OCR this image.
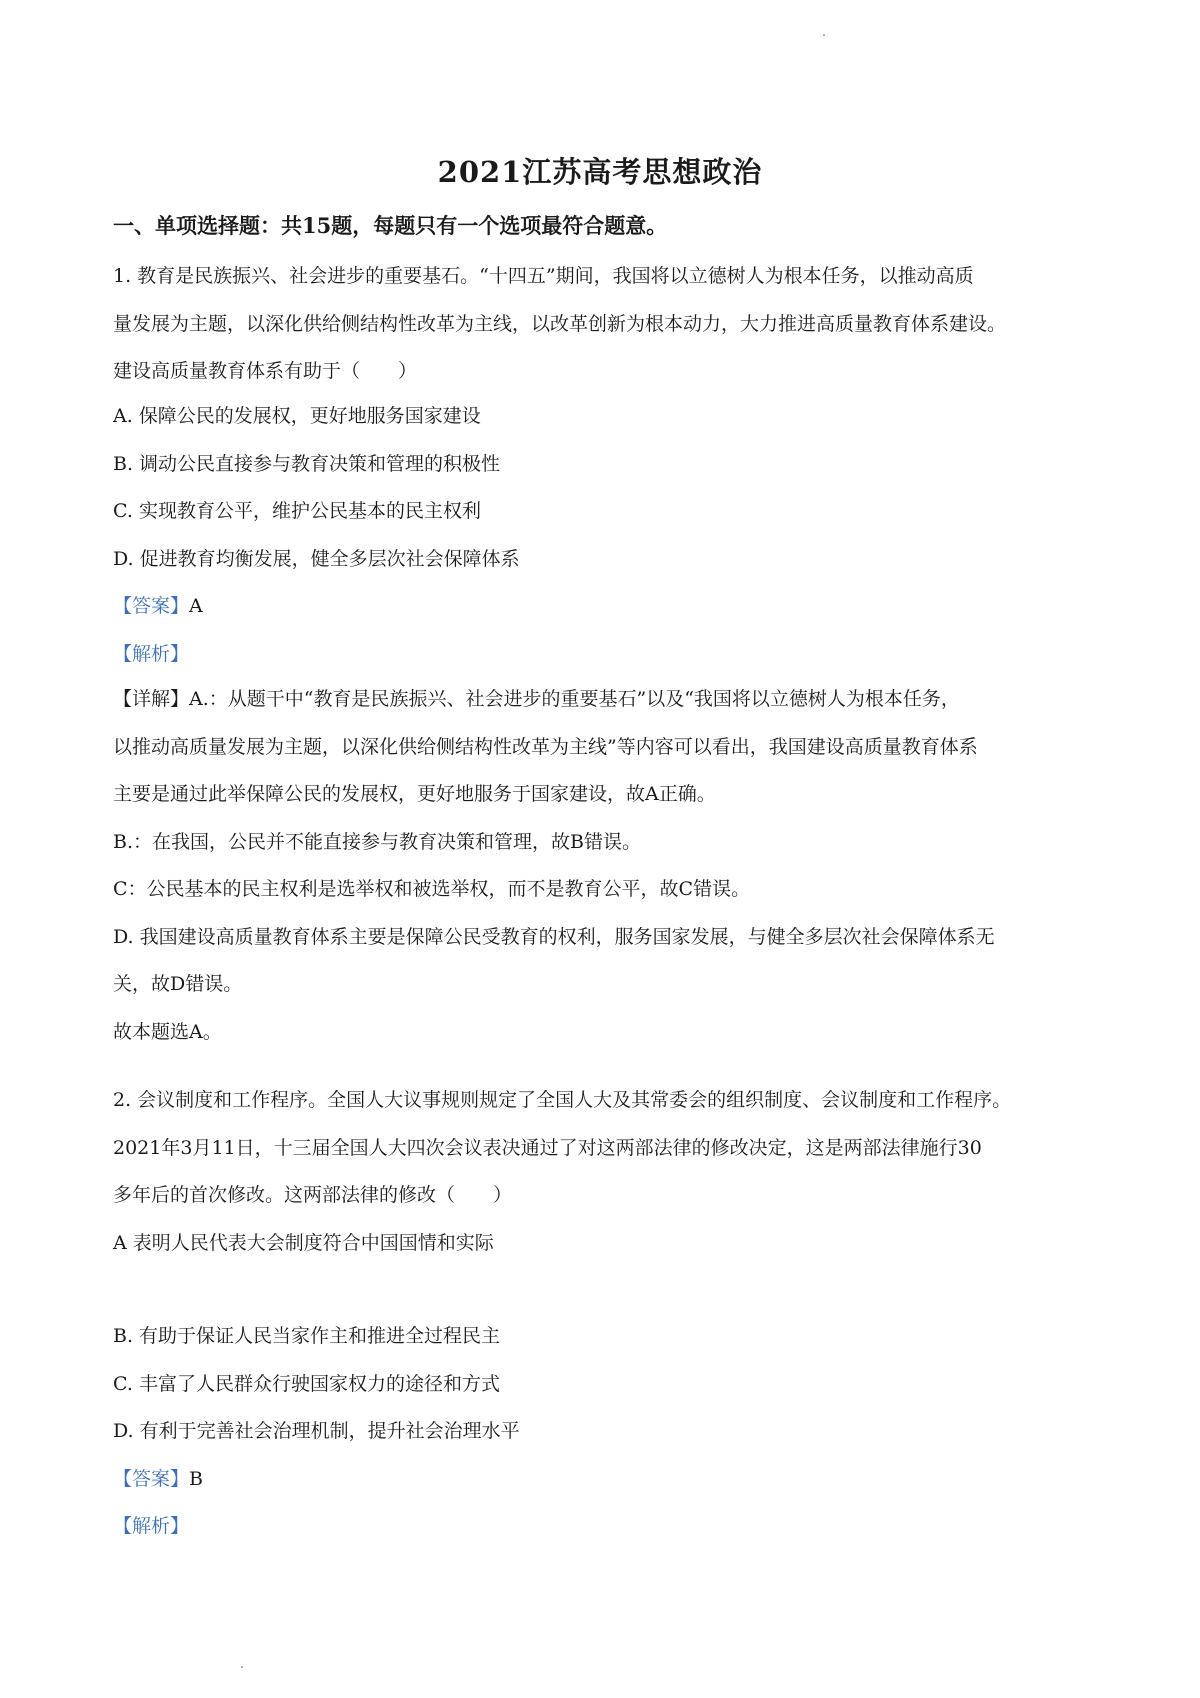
2021江苏高考思想政治
一、单项选择题：共15题，每题只有一个选项最符合题意。

1. 教育是民族振兴、社会进步的重要基石。“十四五”期间，我国将以立德树人为根本任务，以推动高质

量发展为主题，以深化供给侧结构性改革为主线，以改革创新为根本动力，大力推进高质量教育体系建设。

建设高质量教育体系有助于（　　）

A. 保障公民的发展权，更好地服务国家建设

B. 调动公民直接参与教育决策和管理的积极性

C. 实现教育公平，维护公民基本的民主权利

D. 促进教育均衡发展，健全多层次社会保障体系

【答案】A

【解析】

【详解】A.：从题干中“教育是民族振兴、社会进步的重要基石”以及“我国将以立德树人为根本任务，

以推动高质量发展为主题，以深化供给侧结构性改革为主线”等内容可以看出，我国建设高质量教育体系

主要是通过此举保障公民的发展权，更好地服务于国家建设，故A正确。

B.：在我国，公民并不能直接参与教育决策和管理，故B错误。

C：公民基本的民主权利是选举权和被选举权，而不是教育公平，故C错误。

D. 我国建设高质量教育体系主要是保障公民受教育的权利，服务国家发展，与健全多层次社会保障体系无

关，故D错误。

故本题选A。

2. 会议制度和工作程序。全国人大议事规则规定了全国人大及其常委会的组织制度、会议制度和工作程序。

2021年3月11日，十三届全国人大四次会议表决通过了对这两部法律的修改决定，这是两部法律施行30

多年后的首次修改。这两部法律的修改（　　）

A 表明人民代表大会制度符合中国国情和实际

B. 有助于保证人民当家作主和推进全过程民主

C. 丰富了人民群众行驶国家权力的途径和方式

D. 有利于完善社会治理机制，提升社会治理水平

【答案】B

【解析】
